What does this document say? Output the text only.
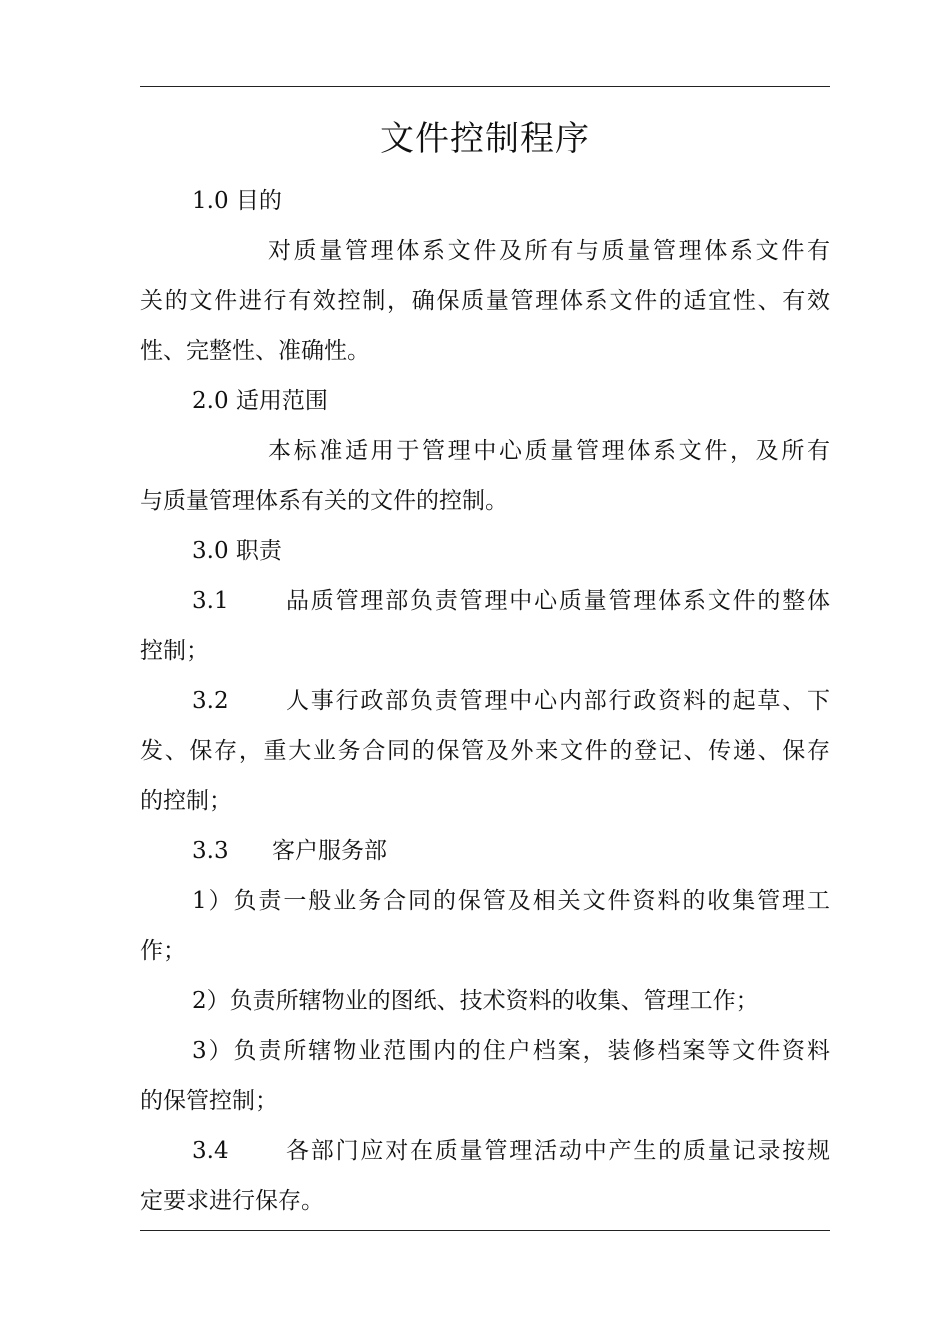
文件控制程序
1.0 目的
对质量管理体系文件及所有与质量管理体系文件有
关的文件进行有效控制，确保质量管理体系文件的适宜性、有效
性、完整性、准确性。
2.0 适用范围
本标准适用于管理中心质量管理体系文件，及所有
与质量管理体系有关的文件的控制。
3.0 职责
3.1	品质管理部负责管理中心质量管理体系文件的整体
控制；
3.2	人事行政部负责管理中心内部行政资料的起草、下
发、保存，重大业务合同的保管及外来文件的登记、传递、保存
的控制；
3.3 客户服务部
1）负责一般业务合同的保管及相关文件资料的收集管理工
作；
2）负责所辖物业的图纸、技术资料的收集、管理工作；
3）负责所辖物业范围内的住户档案，装修档案等文件资料
的保管控制；
3.4	各部门应对在质量管理活动中产生的质量记录按规
定要求进行保存。
